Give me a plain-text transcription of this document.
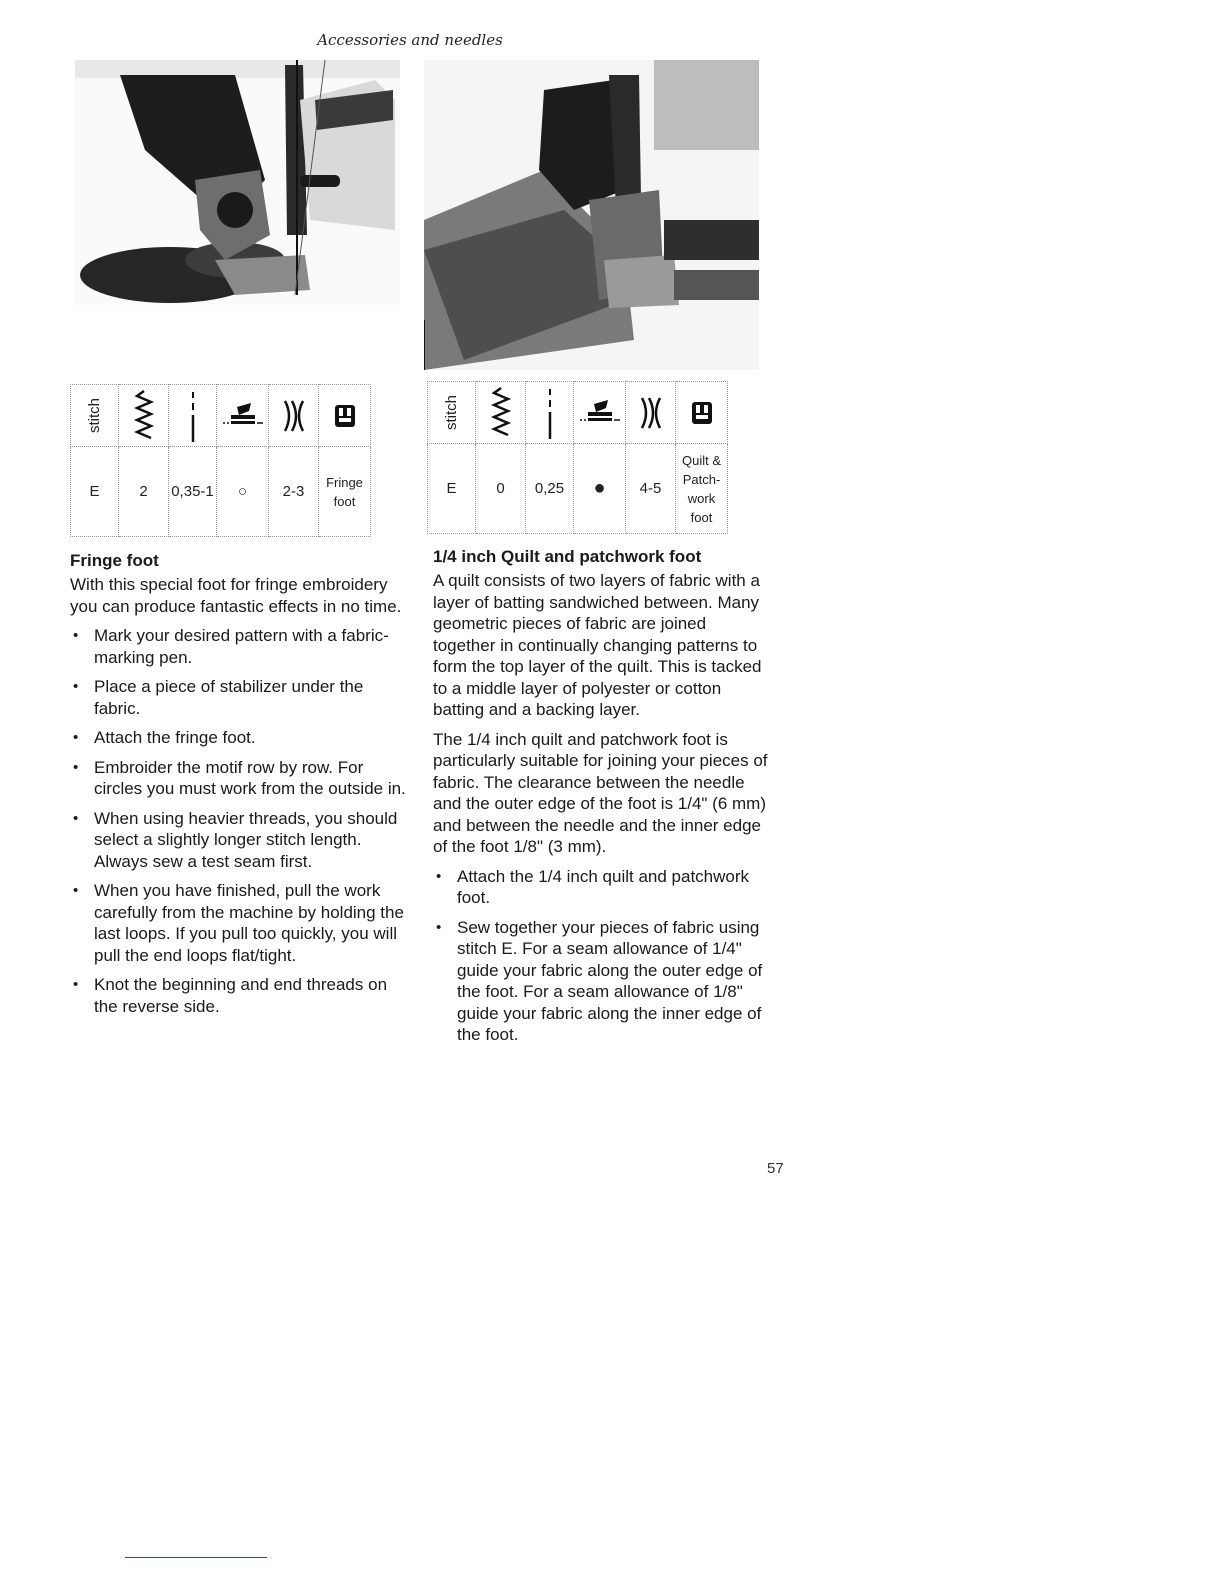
Accessories and needles
stitch	

E	2	0,35-1	○	2-3	Fringe
foot
stitch	

E	0	0,25	●	4-5	Quilt &
Patch-
work
foot
Fringe foot

With this special foot for fringe embroidery you can produce fantastic effects in no time.

• Mark your desired pattern with a fabric-marking pen.
• Place a piece of stabilizer under the fabric.
• Attach the fringe foot.
• Embroider the motif row by row. For circles you must work from the outside in.
• When using heavier threads, you should select a slightly longer stitch length. Always sew a test seam first.
• When you have finished, pull the work carefully from the machine by holding the last loops. If you pull too quickly, you will pull the end loops flat/tight.
• Knot the beginning and end threads on the reverse side.
1/4 inch Quilt and patchwork foot

A quilt consists of two layers of fabric with a layer of batting sandwiched between. Many geometric pieces of fabric are joined together in continually changing patterns to form the top layer of the quilt. This is tacked to a middle layer of polyester or cotton batting and a backing layer.

The 1/4 inch quilt and patchwork foot is particularly suitable for joining your pieces of fabric. The clearance between the needle and the outer edge of the foot is 1/4" (6 mm) and between the needle and the inner edge of the foot 1/8" (3 mm).

• Attach the 1/4 inch quilt and patchwork foot.
• Sew together your pieces of fabric using stitch E. For a seam allowance of 1/4" guide your fabric along the outer edge of the foot. For a seam allowance of 1/8" guide your fabric along the inner edge of the foot.
57
